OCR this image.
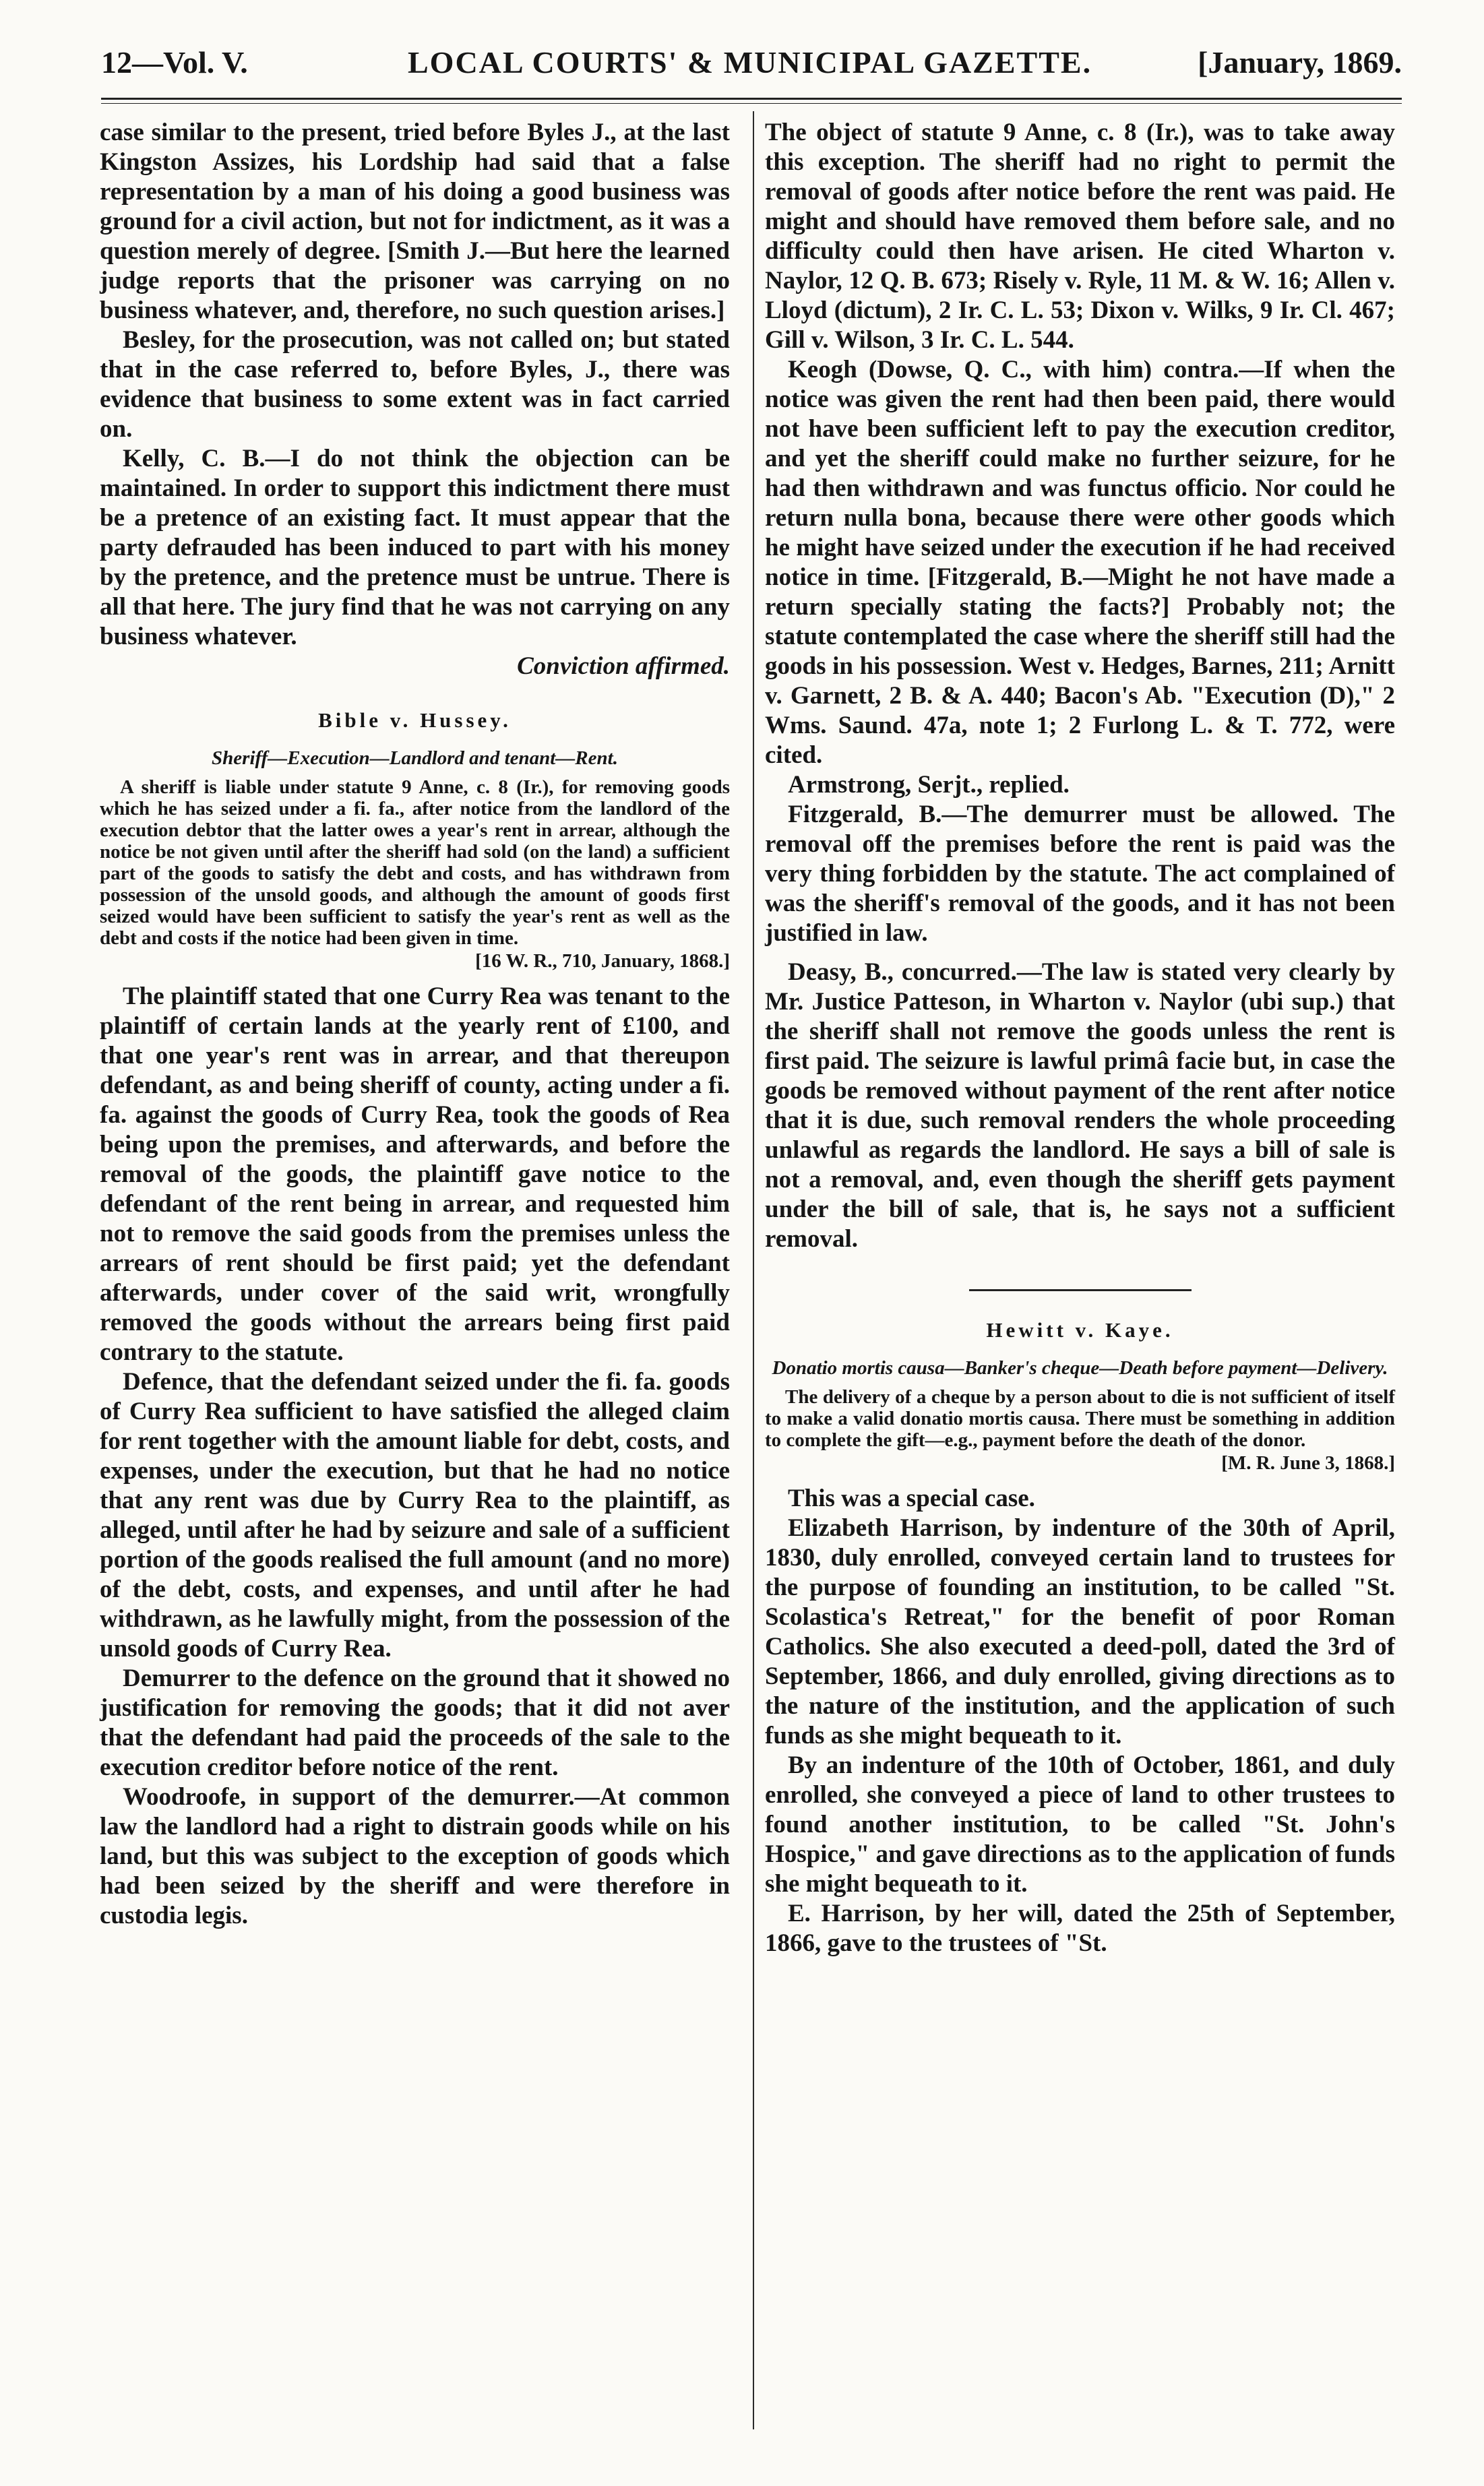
12—Vol. V.	LOCAL COURTS' & MUNICIPAL GAZETTE.	[January, 1869.

case similar to the present, tried before Byles J., at the last Kingston Assizes, his Lordship had said that a false representation by a man of his doing a good business was ground for a civil action, but not for indictment, as it was a question merely of degree. [Smith J.—But here the learned judge reports that the prisoner was carrying on no business whatever, and, therefore, no such question arises.]

Besley, for the prosecution, was not called on; but stated that in the case referred to, before Byles, J., there was evidence that business to some extent was in fact carried on.

Kelly, C. B.—I do not think the objection can be maintained. In order to support this indictment there must be a pretence of an existing fact. It must appear that the party defrauded has been induced to part with his money by the pretence, and the pretence must be untrue. There is all that here. The jury find that he was not carrying on any business whatever.

Conviction affirmed.

Bible v. Hussey.
Sheriff—Execution—Landlord and tenant—Rent.

A sheriff is liable under statute 9 Anne, c. 8 (Ir.), for removing goods which he has seized under a fi. fa., after notice from the landlord of the execution debtor that the latter owes a year's rent in arrear, although the notice be not given until after the sheriff had sold (on the land) a sufficient part of the goods to satisfy the debt and costs, and has withdrawn from possession of the unsold goods, and although the amount of goods first seized would have been sufficient to satisfy the year's rent as well as the debt and costs if the notice had been given in time.

[16 W. R., 710, January, 1868.]

The plaintiff stated that one Curry Rea was tenant to the plaintiff of certain lands at the yearly rent of £100, and that one year's rent was in arrear, and that thereupon defendant, as and being sheriff of county, acting under a fi. fa. against the goods of Curry Rea, took the goods of Rea being upon the premises, and afterwards, and before the removal of the goods, the plaintiff gave notice to the defendant of the rent being in arrear, and requested him not to remove the said goods from the premises unless the arrears of rent should be first paid; yet the defendant afterwards, under cover of the said writ, wrongfully removed the goods without the arrears being first paid contrary to the statute.

Defence, that the defendant seized under the fi. fa. goods of Curry Rea sufficient to have satisfied the alleged claim for rent together with the amount liable for debt, costs, and expenses, under the execution, but that he had no notice that any rent was due by Curry Rea to the plaintiff, as alleged, until after he had by seizure and sale of a sufficient portion of the goods realised the full amount (and no more) of the debt, costs, and expenses, and until after he had withdrawn, as he lawfully might, from the possession of the unsold goods of Curry Rea.

Demurrer to the defence on the ground that it showed no justification for removing the goods; that it did not aver that the defendant had paid the proceeds of the sale to the execution creditor before notice of the rent.

Woodroofe, in support of the demurrer.—At common law the landlord had a right to distrain goods while on his land, but this was subject to the exception of goods which had been seized by the sheriff and were therefore in custodia legis.

The object of statute 9 Anne, c. 8 (Ir.), was to take away this exception. The sheriff had no right to permit the removal of goods after notice before the rent was paid. He might and should have removed them before sale, and no difficulty could then have arisen. He cited Wharton v. Naylor, 12 Q. B. 673; Risely v. Ryle, 11 M. & W. 16; Allen v. Lloyd (dictum), 2 Ir. C. L. 53; Dixon v. Wilks, 9 Ir. Cl. 467; Gill v. Wilson, 3 Ir. C. L. 544.

Keogh (Dowse, Q. C., with him) contra.—If when the notice was given the rent had then been paid, there would not have been sufficient left to pay the execution creditor, and yet the sheriff could make no further seizure, for he had then withdrawn and was functus officio. Nor could he return nulla bona, because there were other goods which he might have seized under the execution if he had received notice in time. [Fitzgerald, B.—Might he not have made a return specially stating the facts?] Probably not; the statute contemplated the case where the sheriff still had the goods in his possession. West v. Hedges, Barnes, 211; Arnitt v. Garnett, 2 B. & A. 440; Bacon's Ab. "Execution (D)," 2 Wms. Saund. 47a, note 1; 2 Furlong L. & T. 772, were cited.

Armstrong, Serjt., replied.

Fitzgerald, B.—The demurrer must be allowed. The removal off the premises before the rent is paid was the very thing forbidden by the statute. The act complained of was the sheriff's removal of the goods, and it has not been justified in law.

Deasy, B., concurred.—The law is stated very clearly by Mr. Justice Patteson, in Wharton v. Naylor (ubi sup.) that the sheriff shall not remove the goods unless the rent is first paid. The seizure is lawful primâ facie but, in case the goods be removed without payment of the rent after notice that it is due, such removal renders the whole proceeding unlawful as regards the landlord. He says a bill of sale is not a removal, and, even though the sheriff gets payment under the bill of sale, that is, he says not a sufficient removal.

Hewitt v. Kaye.
Donatio mortis causa—Banker's cheque—Death before payment—Delivery.

The delivery of a cheque by a person about to die is not sufficient of itself to make a valid donatio mortis causa. There must be something in addition to complete the gift—e.g., payment before the death of the donor.

[M. R. June 3, 1868.]

This was a special case.

Elizabeth Harrison, by indenture of the 30th of April, 1830, duly enrolled, conveyed certain land to trustees for the purpose of founding an institution, to be called "St. Scolastica's Retreat," for the benefit of poor Roman Catholics. She also executed a deed-poll, dated the 3rd of September, 1866, and duly enrolled, giving directions as to the nature of the institution, and the application of such funds as she might bequeath to it.

By an indenture of the 10th of October, 1861, and duly enrolled, she conveyed a piece of land to other trustees to found another institution, to be called "St. John's Hospice," and gave directions as to the application of funds she might bequeath to it.

E. Harrison, by her will, dated the 25th of September, 1866, gave to the trustees of "St.
